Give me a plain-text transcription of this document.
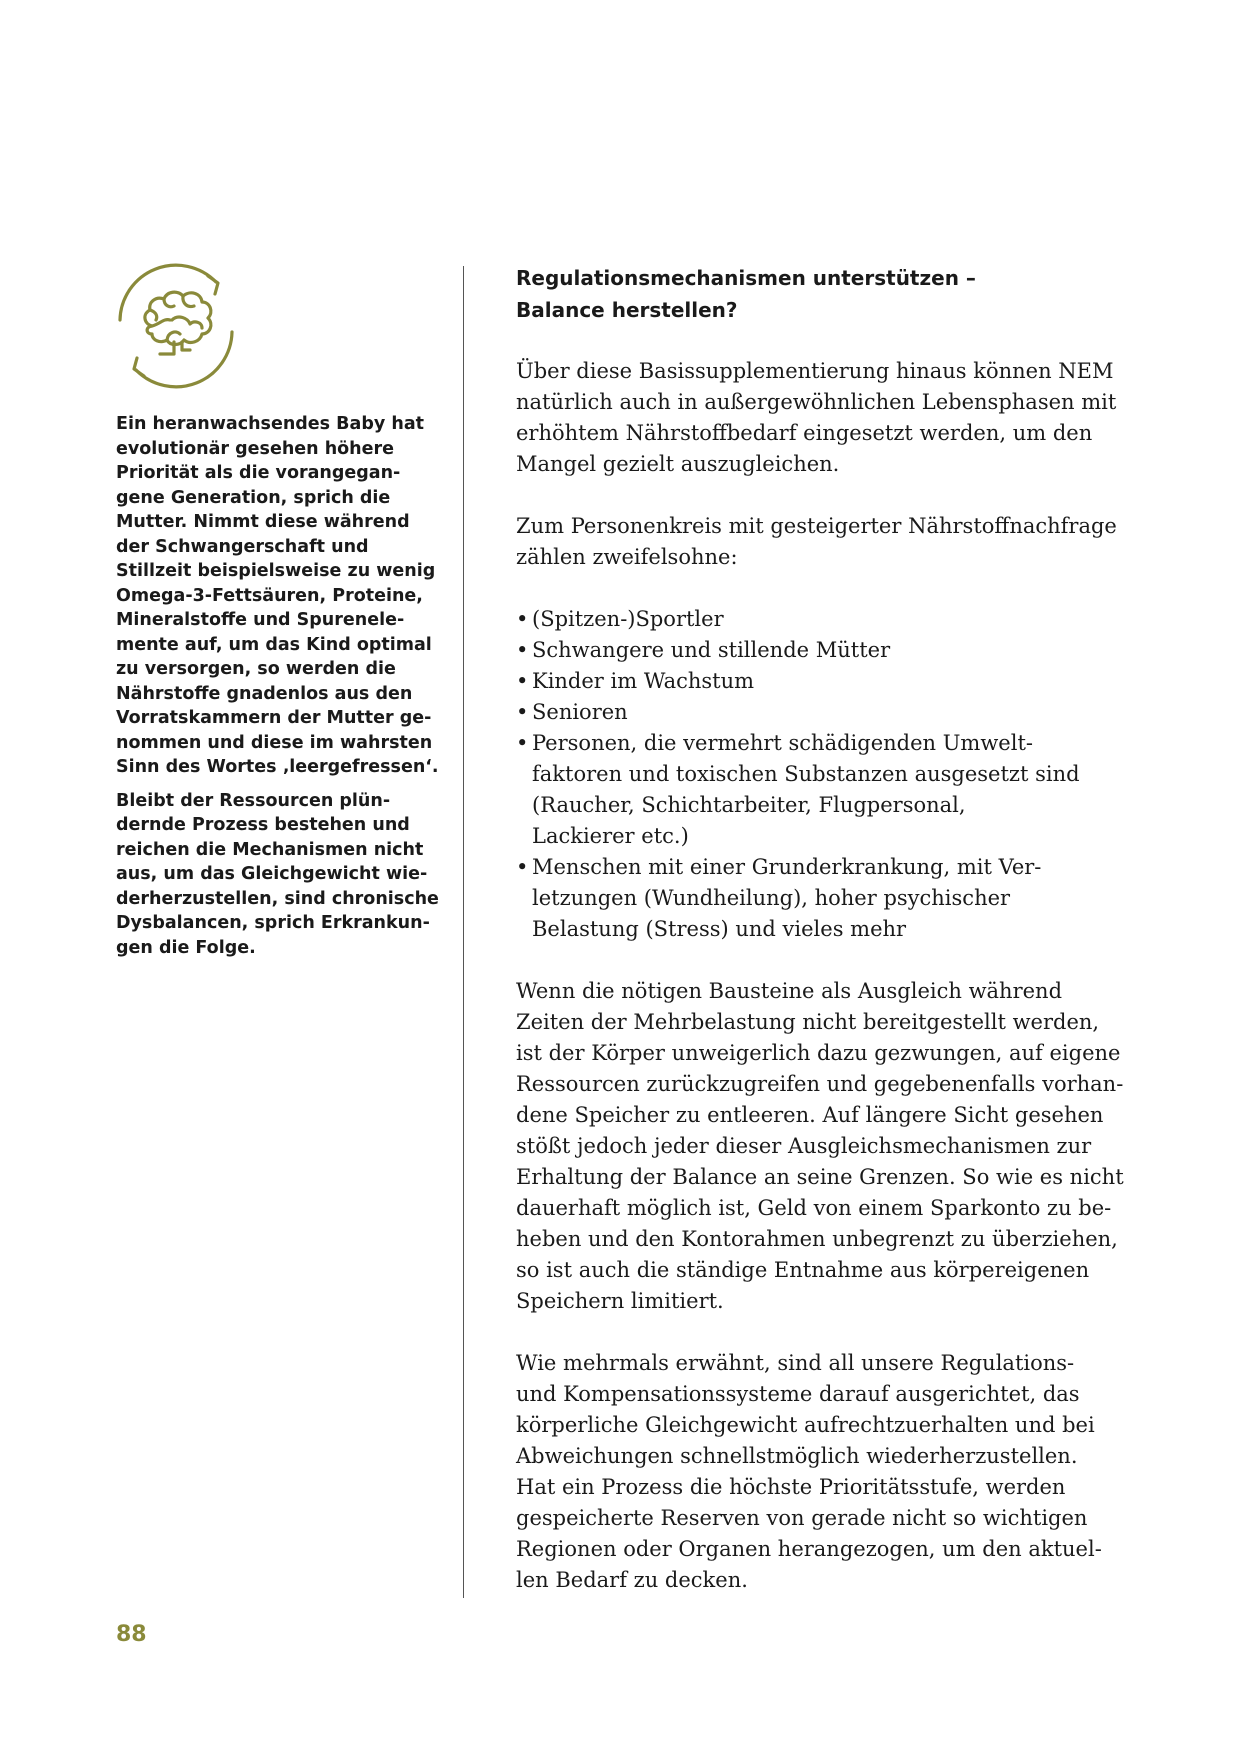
Ein heranwachsendes Baby hat
evolutionär gesehen höhere
Priorität als die vorangegan-
gene Generation, sprich die
Mutter. Nimmt diese während
der Schwangerschaft und
Stillzeit beispielsweise zu wenig
Omega-3-Fettsäuren, Proteine,
Mineralstoffe und Spurenele-
mente auf, um das Kind optimal
zu versorgen, so werden die
Nährstoffe gnadenlos aus den
Vorratskammern der Mutter ge-
nommen und diese im wahrsten
Sinn des Wortes ‚leergefressen‘.
Bleibt der Ressourcen plün-
dernde Prozess bestehen und
reichen die Mechanismen nicht
aus, um das Gleichgewicht wie-
derherzustellen, sind chronische
Dysbalancen, sprich Erkrankun-
gen die Folge.
Regulationsmechanismen unterstützen –
Balance herstellen?
Über diese Basissupplementierung hinaus können NEM
natürlich auch in außergewöhnlichen Lebensphasen mit
erhöhtem Nährstoffbedarf eingesetzt werden, um den
Mangel gezielt auszugleichen.
Zum Personenkreis mit gesteigerter Nährstoffnachfrage
zählen zweifelsohne:
• (Spitzen-)Sportler
• Schwangere und stillende Mütter
• Kinder im Wachstum
• Senioren
• Personen, die vermehrt schädigenden Umwelt-
faktoren und toxischen Substanzen ausgesetzt sind
(Raucher, Schichtarbeiter, Flugpersonal,
Lackierer etc.)
• Menschen mit einer Grunderkrankung, mit Ver-
letzungen (Wundheilung), hoher psychischer
Belastung (Stress) und vieles mehr
Wenn die nötigen Bausteine als Ausgleich während
Zeiten der Mehrbelastung nicht bereitgestellt werden,
ist der Körper unweigerlich dazu gezwungen, auf eigene
Ressourcen zurückzugreifen und gegebenenfalls vorhan-
dene Speicher zu entleeren. Auf längere Sicht gesehen
stößt jedoch jeder dieser Ausgleichsmechanismen zur
Erhaltung der Balance an seine Grenzen. So wie es nicht
dauerhaft möglich ist, Geld von einem Sparkonto zu be-
heben und den Kontorahmen unbegrenzt zu überziehen,
so ist auch die ständige Entnahme aus körpereigenen
Speichern limitiert.
Wie mehrmals erwähnt, sind all unsere Regulations-
und Kompensationssysteme darauf ausgerichtet, das
körperliche Gleichgewicht aufrechtzuerhalten und bei
Abweichungen schnellstmöglich wiederherzustellen.
Hat ein Prozess die höchste Prioritätsstufe, werden
gespeicherte Reserven von gerade nicht so wichtigen
Regionen oder Organen herangezogen, um den aktuel-
len Bedarf zu decken.
88
